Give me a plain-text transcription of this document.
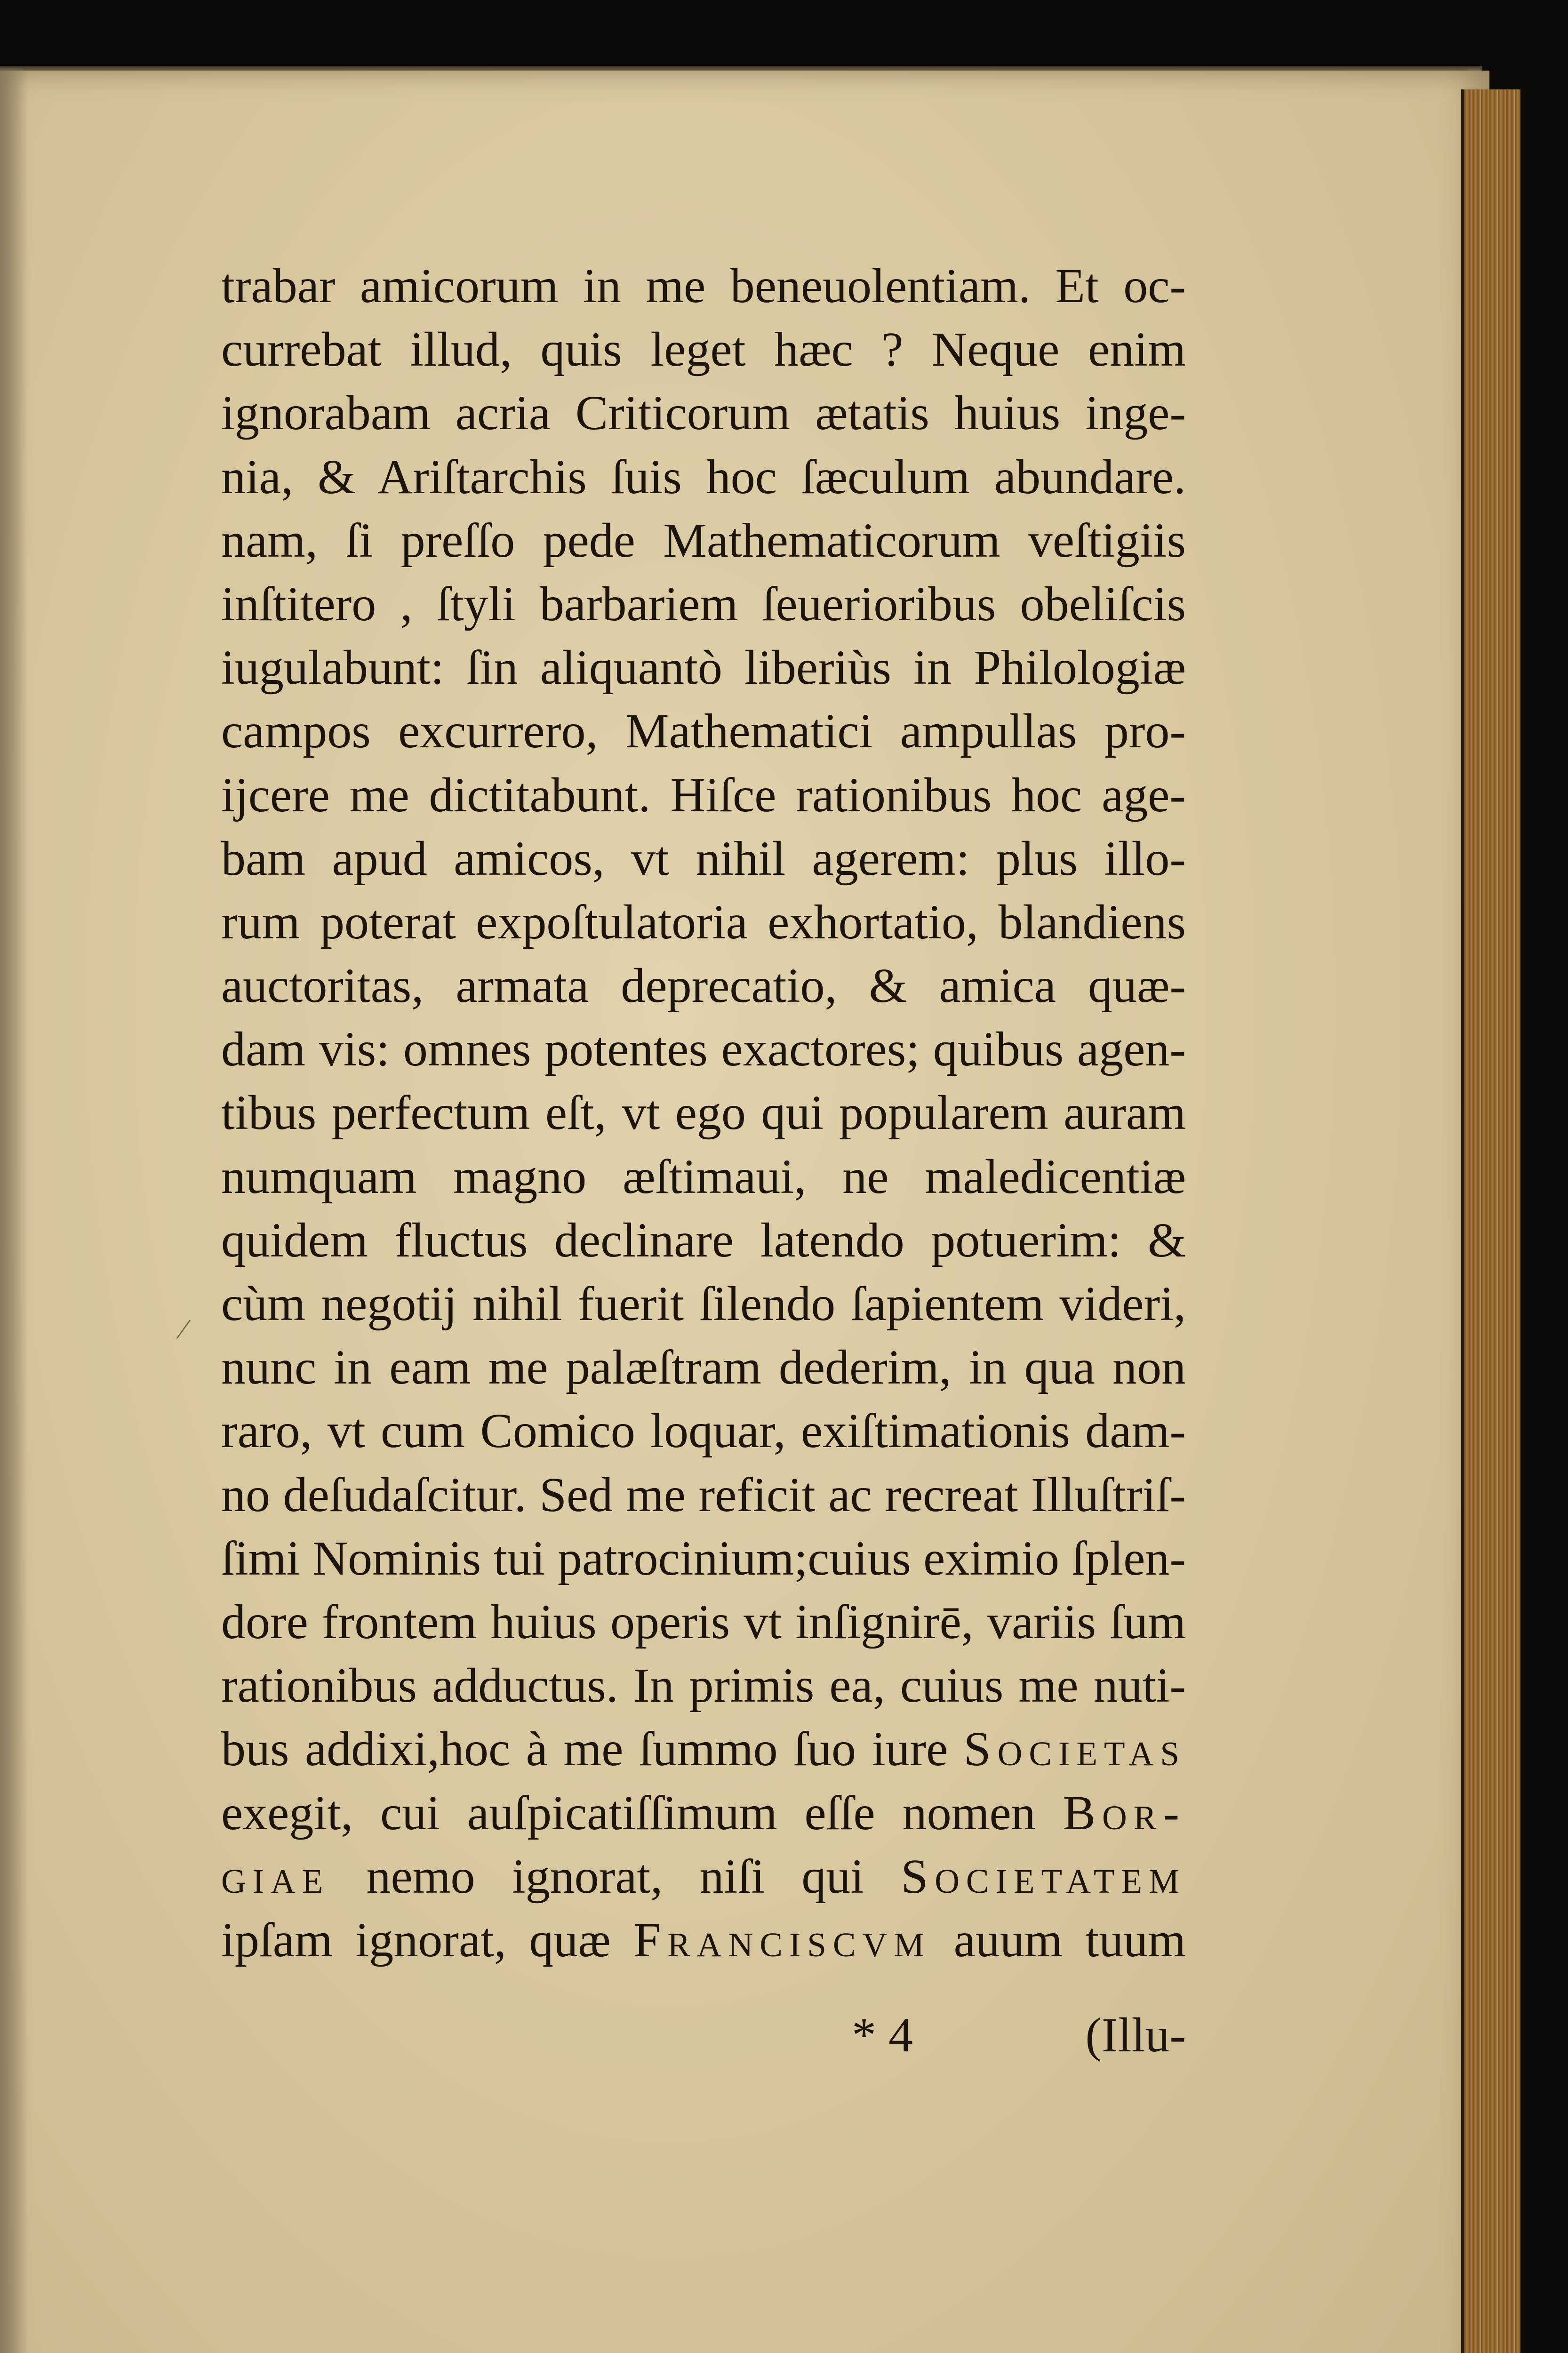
∕
trabar amicorum in me beneuolentiam. Et oc-
currebat illud, quis leget hæc ? Neque enim
ignorabam acria Criticorum ætatis huius inge-
nia, & Ariſtarchis ſuis hoc ſæculum abundare.
nam, ſi preſſo pede Mathematicorum veſtigiis
inſtitero , ſtyli barbariem ſeuerioribus obeliſcis
iugulabunt: ſin aliquantò liberiùs in Philologiæ
campos excurrero, Mathematici ampullas pro-
ijcere me dictitabunt. Hiſce rationibus hoc age-
bam apud amicos, vt nihil agerem: plus illo-
rum poterat expoſtulatoria exhortatio, blandiens
auctoritas, armata deprecatio, & amica quæ-
dam vis: omnes potentes exactores; quibus agen-
tibus perfectum eſt, vt ego qui popularem auram
numquam magno æſtimaui, ne maledicentiæ
quidem fluctus declinare latendo potuerim: &
cùm negotij nihil fuerit ſilendo ſapientem videri,
nunc in eam me palæſtram dederim, in qua non
raro, vt cum Comico loquar, exiſtimationis dam-
no deſudaſcitur. Sed me reficit ac recreat Illuſtriſ-
ſimi Nominis tui patrocinium;cuius eximio ſplen-
dore frontem huius operis vt inſignirē, variis ſum
rationibus adductus. In primis ea, cuius me nuti-
bus addixi,hoc à me ſummo ſuo iure Societas
exegit, cui auſpicatiſſimum eſſe nomen Bor-
giae nemo ignorat, niſi qui Societatem
ipſam ignorat, quæ Franciscvm auum tuum
* 4	(Illu-
